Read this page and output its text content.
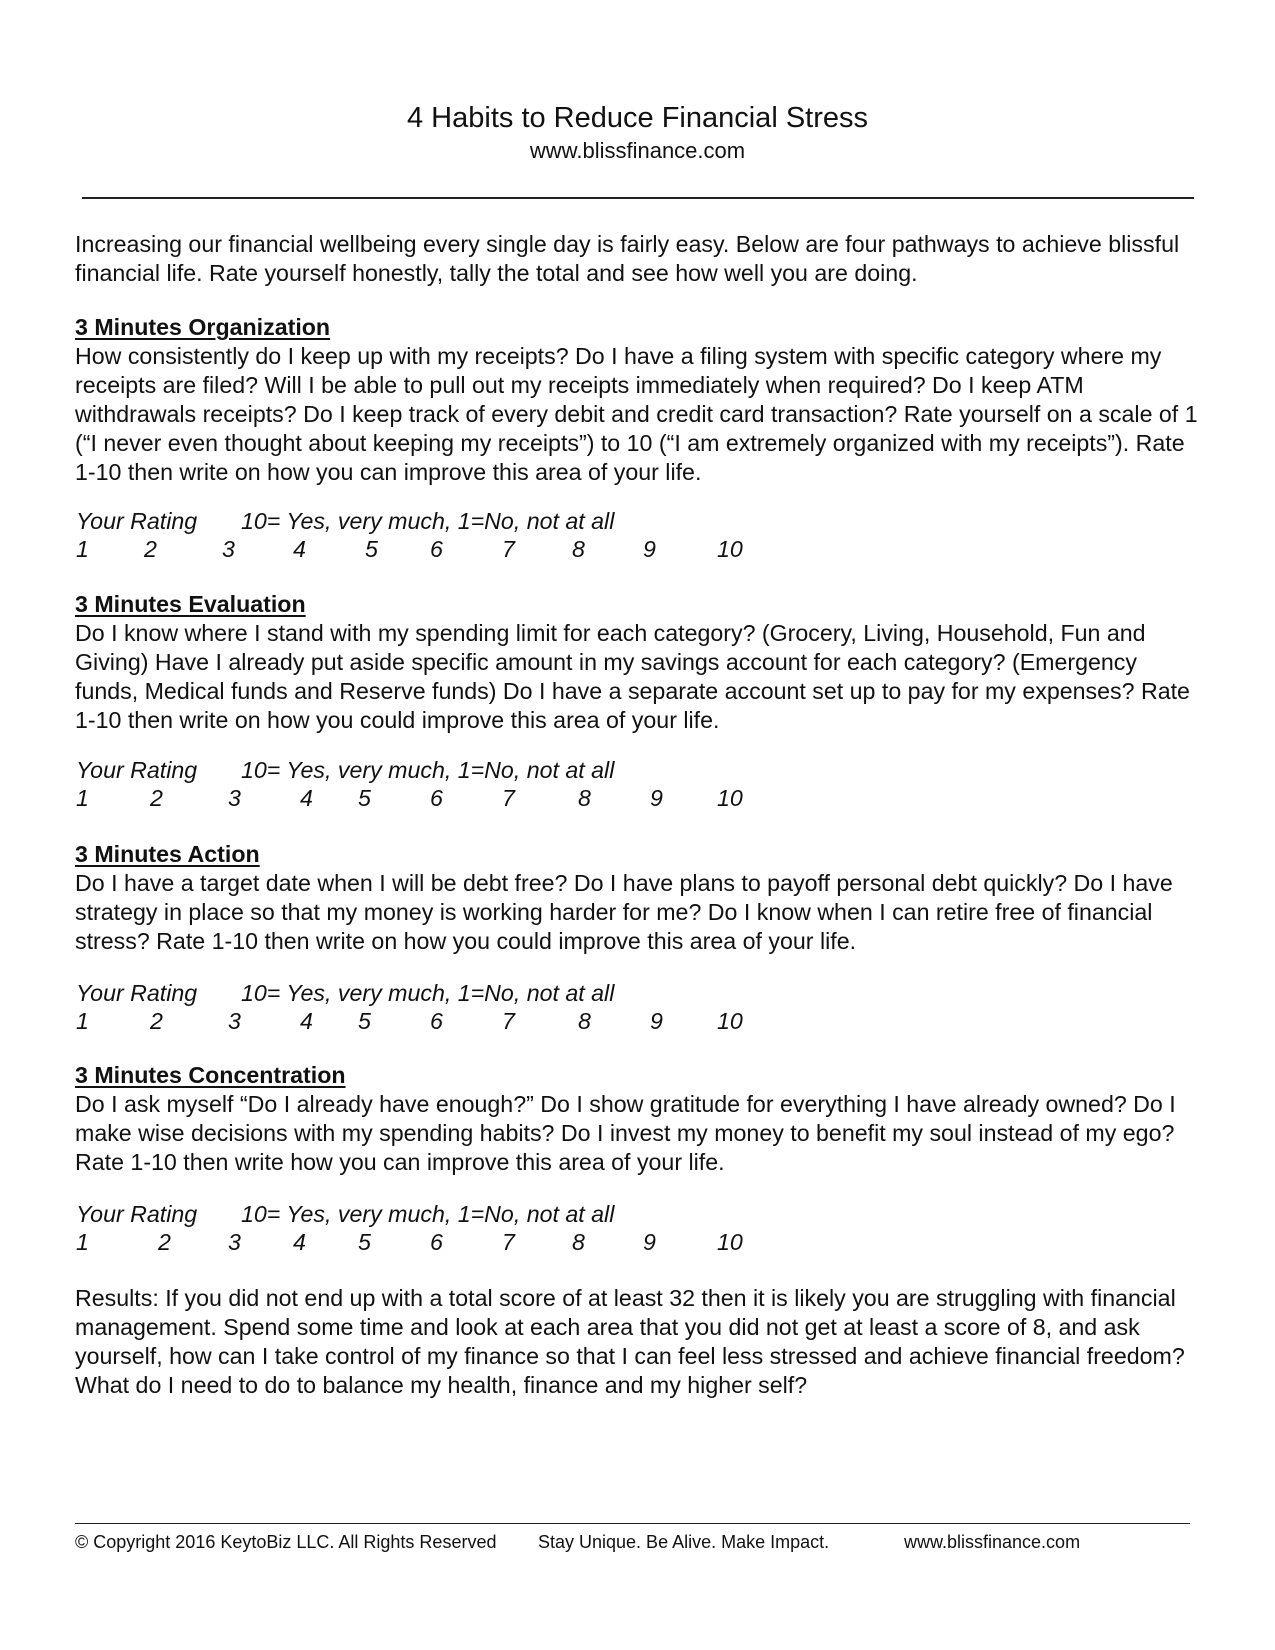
4 Habits to Reduce Financial Stress
www.blissfinance.com
Increasing our financial wellbeing every single day is fairly easy. Below are four pathways to achieve blissful financial life. Rate yourself honestly, tally the total and see how well you are doing.
3 Minutes Organization
How consistently do I keep up with my receipts? Do I have a filing system with specific category where my receipts are filed? Will I be able to pull out my receipts immediately when required? Do I keep ATM withdrawals receipts? Do I keep track of every debit and credit card transaction? Rate yourself on a scale of 1 (“I never even thought about keeping my receipts”) to 10 (“I am extremely organized with my receipts”). Rate 1-10 then write on how you can improve this area of your life.
Your Rating 10= Yes, very much, 1=No, not at all
3 Minutes Evaluation
Do I know where I stand with my spending limit for each category? (Grocery, Living, Household, Fun and Giving) Have I already put aside specific amount in my savings account for each category? (Emergency funds, Medical funds and Reserve funds) Do I have a separate account set up to pay for my expenses? Rate 1-10 then write on how you could improve this area of your life.
Your Rating 10= Yes, very much, 1=No, not at all
3 Minutes Action
Do I have a target date when I will be debt free? Do I have plans to payoff personal debt quickly? Do I have strategy in place so that my money is working harder for me? Do I know when I can retire free of financial stress? Rate 1-10 then write on how you could improve this area of your life.
Your Rating 10= Yes, very much, 1=No, not at all
3 Minutes Concentration
Do I ask myself “Do I already have enough?” Do I show gratitude for everything I have already owned? Do I make wise decisions with my spending habits? Do I invest my money to benefit my soul instead of my ego? Rate 1-10 then write how you can improve this area of your life.
Your Rating 10= Yes, very much, 1=No, not at all
Results: If you did not end up with a total score of at least 32 then it is likely you are struggling with financial management. Spend some time and look at each area that you did not get at least a score of 8, and ask yourself, how can I take control of my finance so that I can feel less stressed and achieve financial freedom? What do I need to do to balance my health, finance and my higher self?
© Copyright 2016 KeytoBiz LLC. All Rights Reserved Stay Unique. Be Alive. Make Impact.	www.blissfinance.com
1 2	3	4	5 6	7 8	9	10
1	2	3	4 5	6	7	8	9 10
1	2	3	4 5	6	7	8	9 10
1	2 3 4 5	6	7 8	9	10
